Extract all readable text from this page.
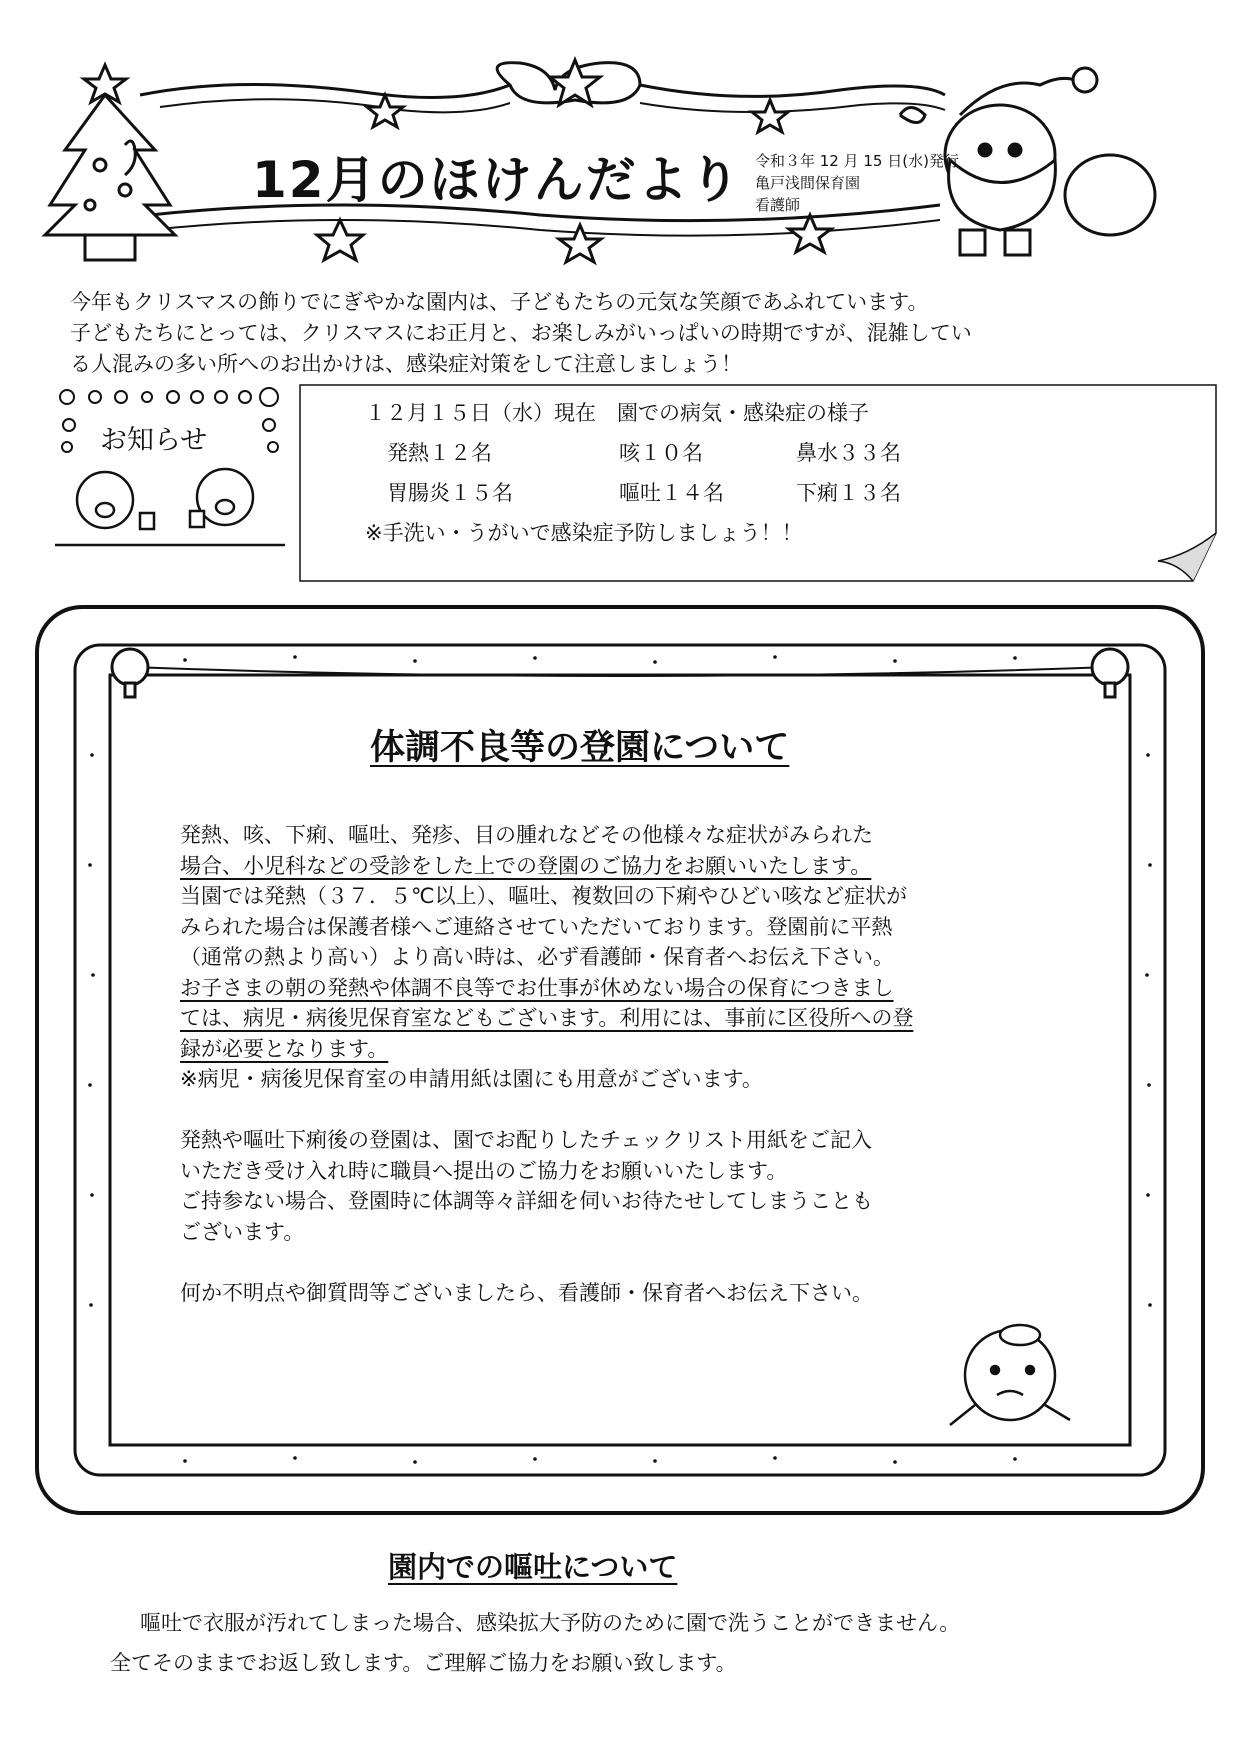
12月のほけんだより 令和３年 12 月 15 日(水)発行
亀戸浅間保育園
看護師
今年もクリスマスの飾りでにぎやかな園内は、子どもたちの元気な笑顔であふれています。
子どもたちにとっては、クリスマスにお正月と、お楽しみがいっぱいの時期ですが、混雑してい
る人混みの多い所へのお出かけは、感染症対策をして注意しましょう！
お知らせ
１２月１５日（水）現在　園での病気・感染症の様子
発熱１２名	咳１０名	鼻水３３名
胃腸炎１５名	嘔吐１４名	下痢１３名
※手洗い・うがいで感染症予防しましょう！！
体調不良等の登園について
発熱、咳、下痢、嘔吐、発疹、目の腫れなどその他様々な症状がみられた
場合、小児科などの受診をした上での登園のご協力をお願いいたします。
当園では発熱（３７．５℃以上）、嘔吐、複数回の下痢やひどい咳など症状が
みられた場合は保護者様へご連絡させていただいております。登園前に平熱
（通常の熱より高い）より高い時は、必ず看護師・保育者へお伝え下さい。
お子さまの朝の発熱や体調不良等でお仕事が休めない場合の保育につきまし
ては、病児・病後児保育室などもございます。利用には、事前に区役所への登
録が必要となります。
※病児・病後児保育室の申請用紙は園にも用意がございます。
発熱や嘔吐下痢後の登園は、園でお配りしたチェックリスト用紙をご記入
いただき受け入れ時に職員へ提出のご協力をお願いいたします。
ご持参ない場合、登園時に体調等々詳細を伺いお待たせしてしまうことも
ございます。
何か不明点や御質問等ございましたら、看護師・保育者へお伝え下さい。
園内での嘔吐について
嘔吐で衣服が汚れてしまった場合、感染拡大予防のために園で洗うことができません。
全てそのままでお返し致します。ご理解ご協力をお願い致します。
